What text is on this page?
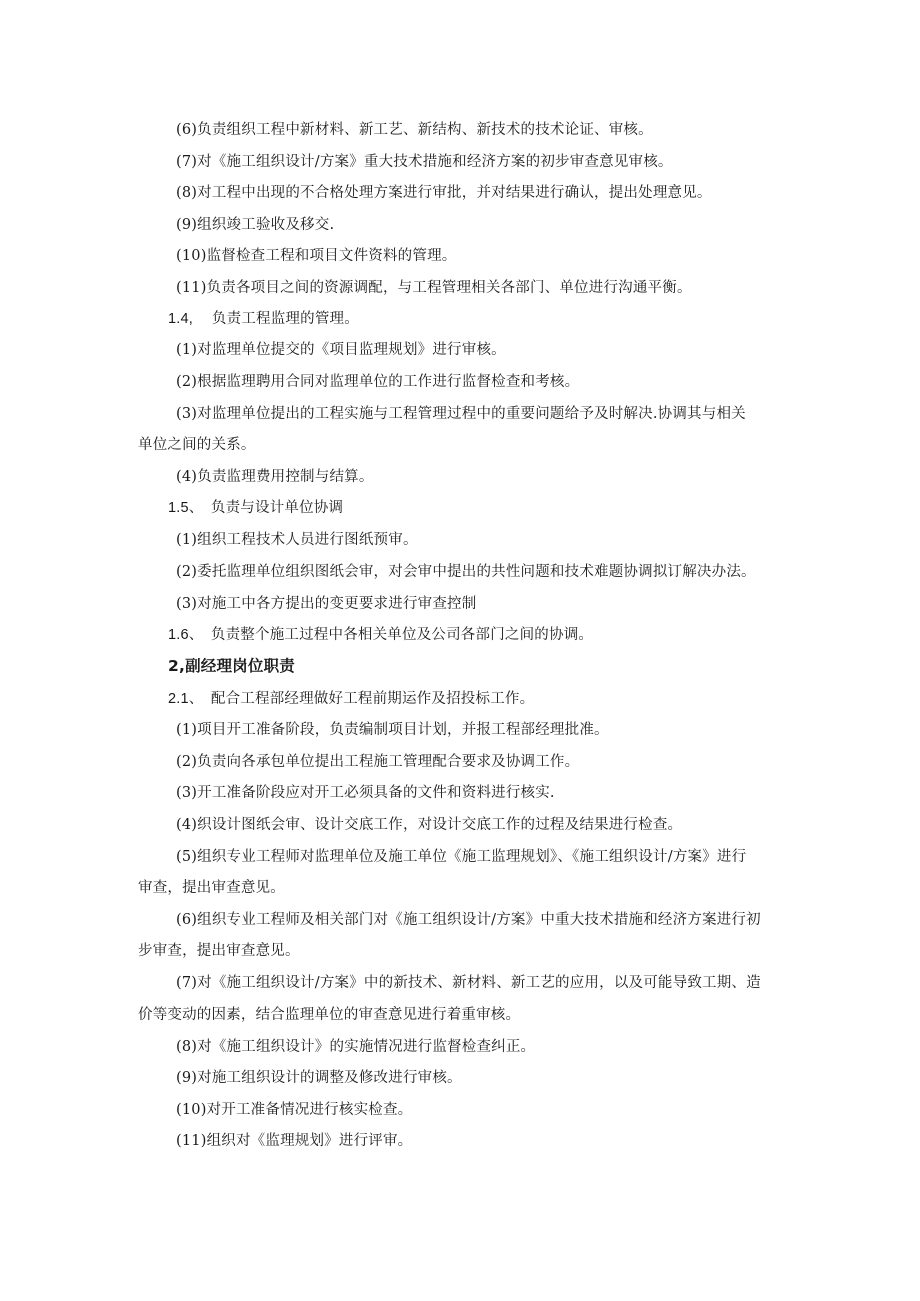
(6)负责组织工程中新材料、新工艺、新结构、新技术的技术论证、审核。
(7)对《施工组织设计/方案》重大技术措施和经济方案的初步审查意见审核。
(8)对工程中出现的不合格处理方案进行审批，并对结果进行确认，提出处理意见。
(9)组织竣工验收及移交.
(10)监督检查工程和项目文件资料的管理。
(11)负责各项目之间的资源调配，与工程管理相关各部门、单位进行沟通平衡。
1.4,　 负责工程监理的管理。
(1)对监理单位提交的《项目监理规划》进行审核。
(2)根据监理聘用合同对监理单位的工作进行监督检查和考核。
(3)对监理单位提出的工程实施与工程管理过程中的重要问题给予及时解决.协调其与相关
单位之间的关系。
(4)负责监理费用控制与结算。
1.5、　负责与设计单位协调
(1)组织工程技术人员进行图纸预审。
(2)委托监理单位组织图纸会审，对会审中提出的共性问题和技术难题协调拟订解决办法。
(3)对施工中各方提出的变更要求进行审查控制
1.6、　负责整个施工过程中各相关单位及公司各部门之间的协调。
2,副经理岗位职责
2.1、　配合工程部经理做好工程前期运作及招投标工作。
(1)项目开工准备阶段，负责编制项目计划，并报工程部经理批准。
(2)负责向各承包单位提出工程施工管理配合要求及协调工作。
(3)开工准备阶段应对开工必须具备的文件和资料进行核实.
(4)织设计图纸会审、设计交底工作，对设计交底工作的过程及结果进行检查。
(5)组织专业工程师对监理单位及施工单位《施工监理规划》、《施工组织设计/方案》进行
审查，提出审查意见。
(6)组织专业工程师及相关部门对《施工组织设计/方案》中重大技术措施和经济方案进行初
步审查，提出审查意见。
(7)对《施工组织设计/方案》中的新技术、新材料、新工艺的应用，以及可能导致工期、造
价等变动的因素，结合监理单位的审查意见进行着重审核。
(8)对《施工组织设计》的实施情况进行监督检查纠正。
(9)对施工组织设计的调整及修改进行审核。
(10)对开工准备情况进行核实检查。
(11)组织对《监理规划》进行评审。
